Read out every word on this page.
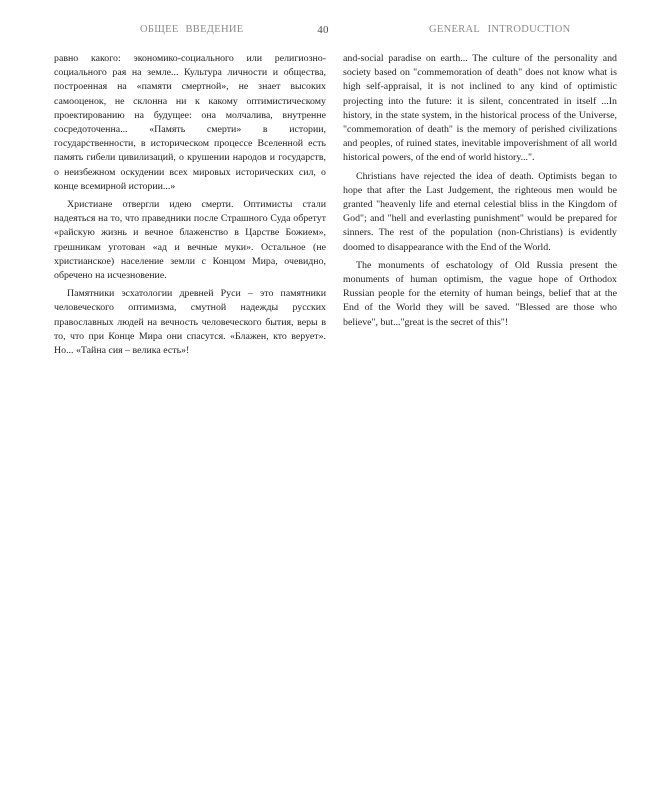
ОБЩЕЕ ВВЕДЕНИЕ	40	GENERAL INTRODUCTION

равно какого: экономико-социального или религиозно-социального рая на земле... Культура личности и общества, построенная на «памяти смертной», не знает высоких самооценок, не склонна ни к какому оптимистическому проектированию на будущее: она молчалива, внутренне сосредоточенна... «Память смерти» в истории, государственности, в историческом процессе Вселенной есть память гибели цивилизаций, о крушении народов и государств, о неизбежном оскудении всех мировых исторических сил, о конце всемирной истории...»

Христиане отвергли идею смерти. Оптимисты стали надеяться на то, что праведники после Страшного Суда обретут «райскую жизнь и вечное блаженство в Царстве Божием», грешникам уготован «ад и вечные муки». Остальное (не христианское) население земли с Концом Мира, очевидно, обречено на исчезновение.

Памятники эсхатологии древней Руси – это памятники человеческого оптимизма, смутной надежды русских православных людей на вечность человеческого бытия, веры в то, что при Конце Мира они спасутся. «Блажен, кто верует». Но... «Тайна сия – велика есть»!

and-social paradise on earth... The culture of the personality and society based on "commemoration of death" does not know what is high self-appraisal, it is not inclined to any kind of optimistic projecting into the future: it is silent, concentrated in itself ...In history, in the state system, in the historical process of the Universe, "commemoration of death" is the memory of perished civilizations and peoples, of ruined states, inevitable impoverishment of all world historical powers, of the end of world history...".

Christians have rejected the idea of death. Optimists began to hope that after the Last Judgement, the righteous men would be granted "heavenly life and eternal celestial bliss in the Kingdom of God"; and "hell and everlasting punishment" would be prepared for sinners. The rest of the population (non-Christians) is evidently doomed to disappearance with the End of the World.

The monuments of eschatology of Old Russia present the monuments of human optimism, the vague hope of Orthodox Russian people for the eternity of human beings, belief that at the End of the World they will be saved. "Blessed are those who believe", but..."great is the secret of this"!
